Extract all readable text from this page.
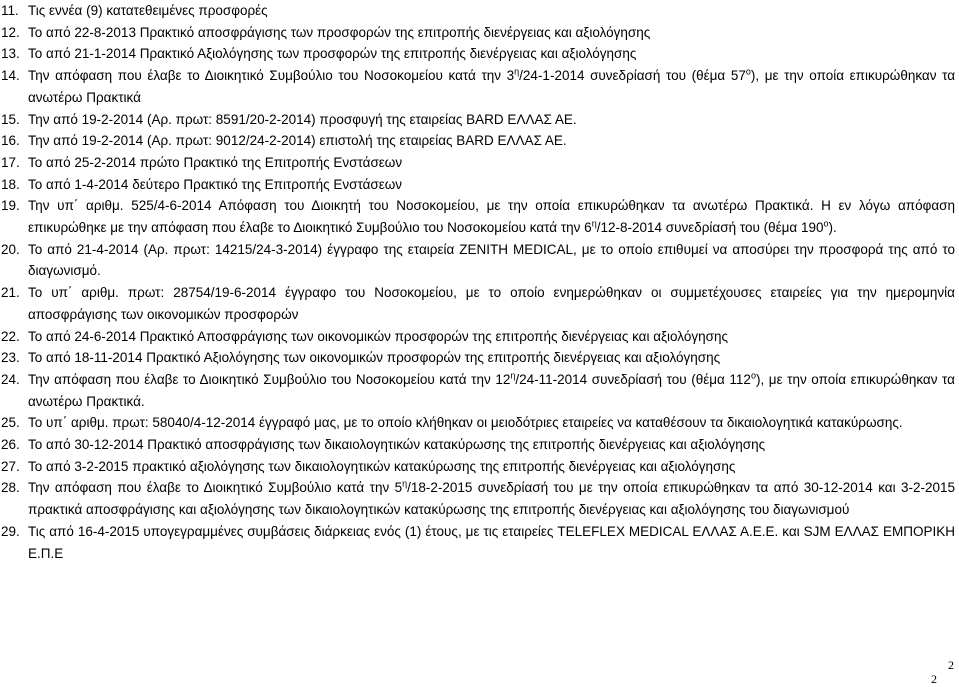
11. Τις εννέα (9) κατατεθειμένες προσφορές
12. Το από 22-8-2013 Πρακτικό αποσφράγισης των προσφορών της επιτροπής διενέργειας και αξιολόγησης
13. Το από 21-1-2014 Πρακτικό Αξιολόγησης των προσφορών της επιτροπής διενέργειας και αξιολόγησης
14. Την απόφαση που έλαβε το Διοικητικό Συμβούλιο του Νοσοκομείου κατά την $3^\eta/24-1-2014$ συνεδρίασή του (θέμα $57^o$), με την οποία επικυρώθηκαν τα ανωτέρω Πρακτικά
15. Την από 19-2-2014 (Αρ. πρωτ: 8591/20-2-2014) προσφυγή της εταιρείας BARD ΕΛΛΑΣ ΑΕ.
16. Την από 19-2-2014 (Αρ. πρωτ: 9012/24-2-2014) επιστολή της εταιρείας BARD ΕΛΛΑΣ ΑΕ.
17. Το από 25-2-2014 πρώτο Πρακτικό της Επιτροπής Ενστάσεων
18. Το από 1-4-2014 δεύτερο Πρακτικό της Επιτροπής Ενστάσεων
19. Την υπ΄ αριθμ. 525/4-6-2014 Απόφαση του Διοικητή του Νοσοκομείου, με την οποία επικυρώθηκαν τα ανωτέρω Πρακτικά. Η εν λόγω απόφαση επικυρώθηκε με την απόφαση που έλαβε το Διοικητικό Συμβούλιο του Νοσοκομείου κατά την $6^\eta/12-8-2014$ συνεδρίασή του (θέμα $190^o$).
20. Το από 21-4-2014 (Αρ. πρωτ: 14215/24-3-2014) έγγραφο της εταιρεία ZENITH MEDICAL, με το οποίο επιθυμεί να αποσύρει την προσφορά της από το διαγωνισμό.
21. Το υπ΄ αριθμ. πρωτ: 28754/19-6-2014 έγγραφο του Νοσοκομείου, με το οποίο ενημερώθηκαν οι συμμετέχουσες εταιρείες για την ημερομηνία αποσφράγισης των οικονομικών προσφορών
22. Το από 24-6-2014 Πρακτικό Αποσφράγισης των οικονομικών προσφορών της επιτροπής διενέργειας και αξιολόγησης
23. Το από 18-11-2014 Πρακτικό Αξιολόγησης των οικονομικών προσφορών της επιτροπής διενέργειας και αξιολόγησης
24. Την απόφαση που έλαβε το Διοικητικό Συμβούλιο του Νοσοκομείου κατά την $12^\eta/24-11-2014$ συνεδρίασή του (θέμα $112^o$), με την οποία επικυρώθηκαν τα ανωτέρω Πρακτικά.
25. Το υπ΄ αριθμ. πρωτ: 58040/4-12-2014 έγγραφό μας, με το οποίο κλήθηκαν οι μειοδότριες εταιρείες να καταθέσουν τα δικαιολογητικά κατακύρωσης.
26. Το από 30-12-2014 Πρακτικό αποσφράγισης των δικαιολογητικών κατακύρωσης της επιτροπής διενέργειας και αξιολόγησης
27. Το από 3-2-2015 πρακτικό αξιολόγησης των δικαιολογητικών κατακύρωσης της επιτροπής διενέργειας και αξιολόγησης
28. Την απόφαση που έλαβε το Διοικητικό Συμβούλιο κατά την $5^\eta/18-2-2015$ συνεδρίασή του με την οποία επικυρώθηκαν τα από 30-12-2014 και 3-2-2015 πρακτικά αποσφράγισης και αξιολόγησης των δικαιολογητικών κατακύρωσης της επιτροπής διενέργειας και αξιολόγησης του διαγωνισμού
29. Τις από 16-4-2015 υπογεγραμμένες συμβάσεις διάρκειας ενός (1) έτους, με τις εταιρείες TELEFLEX MEDICAL ΕΛΛΑΣ Α.Ε.Ε. και SJM ΕΛΛΑΣ ΕΜΠΟΡΙΚΗ Ε.Π.Ε
2
2
